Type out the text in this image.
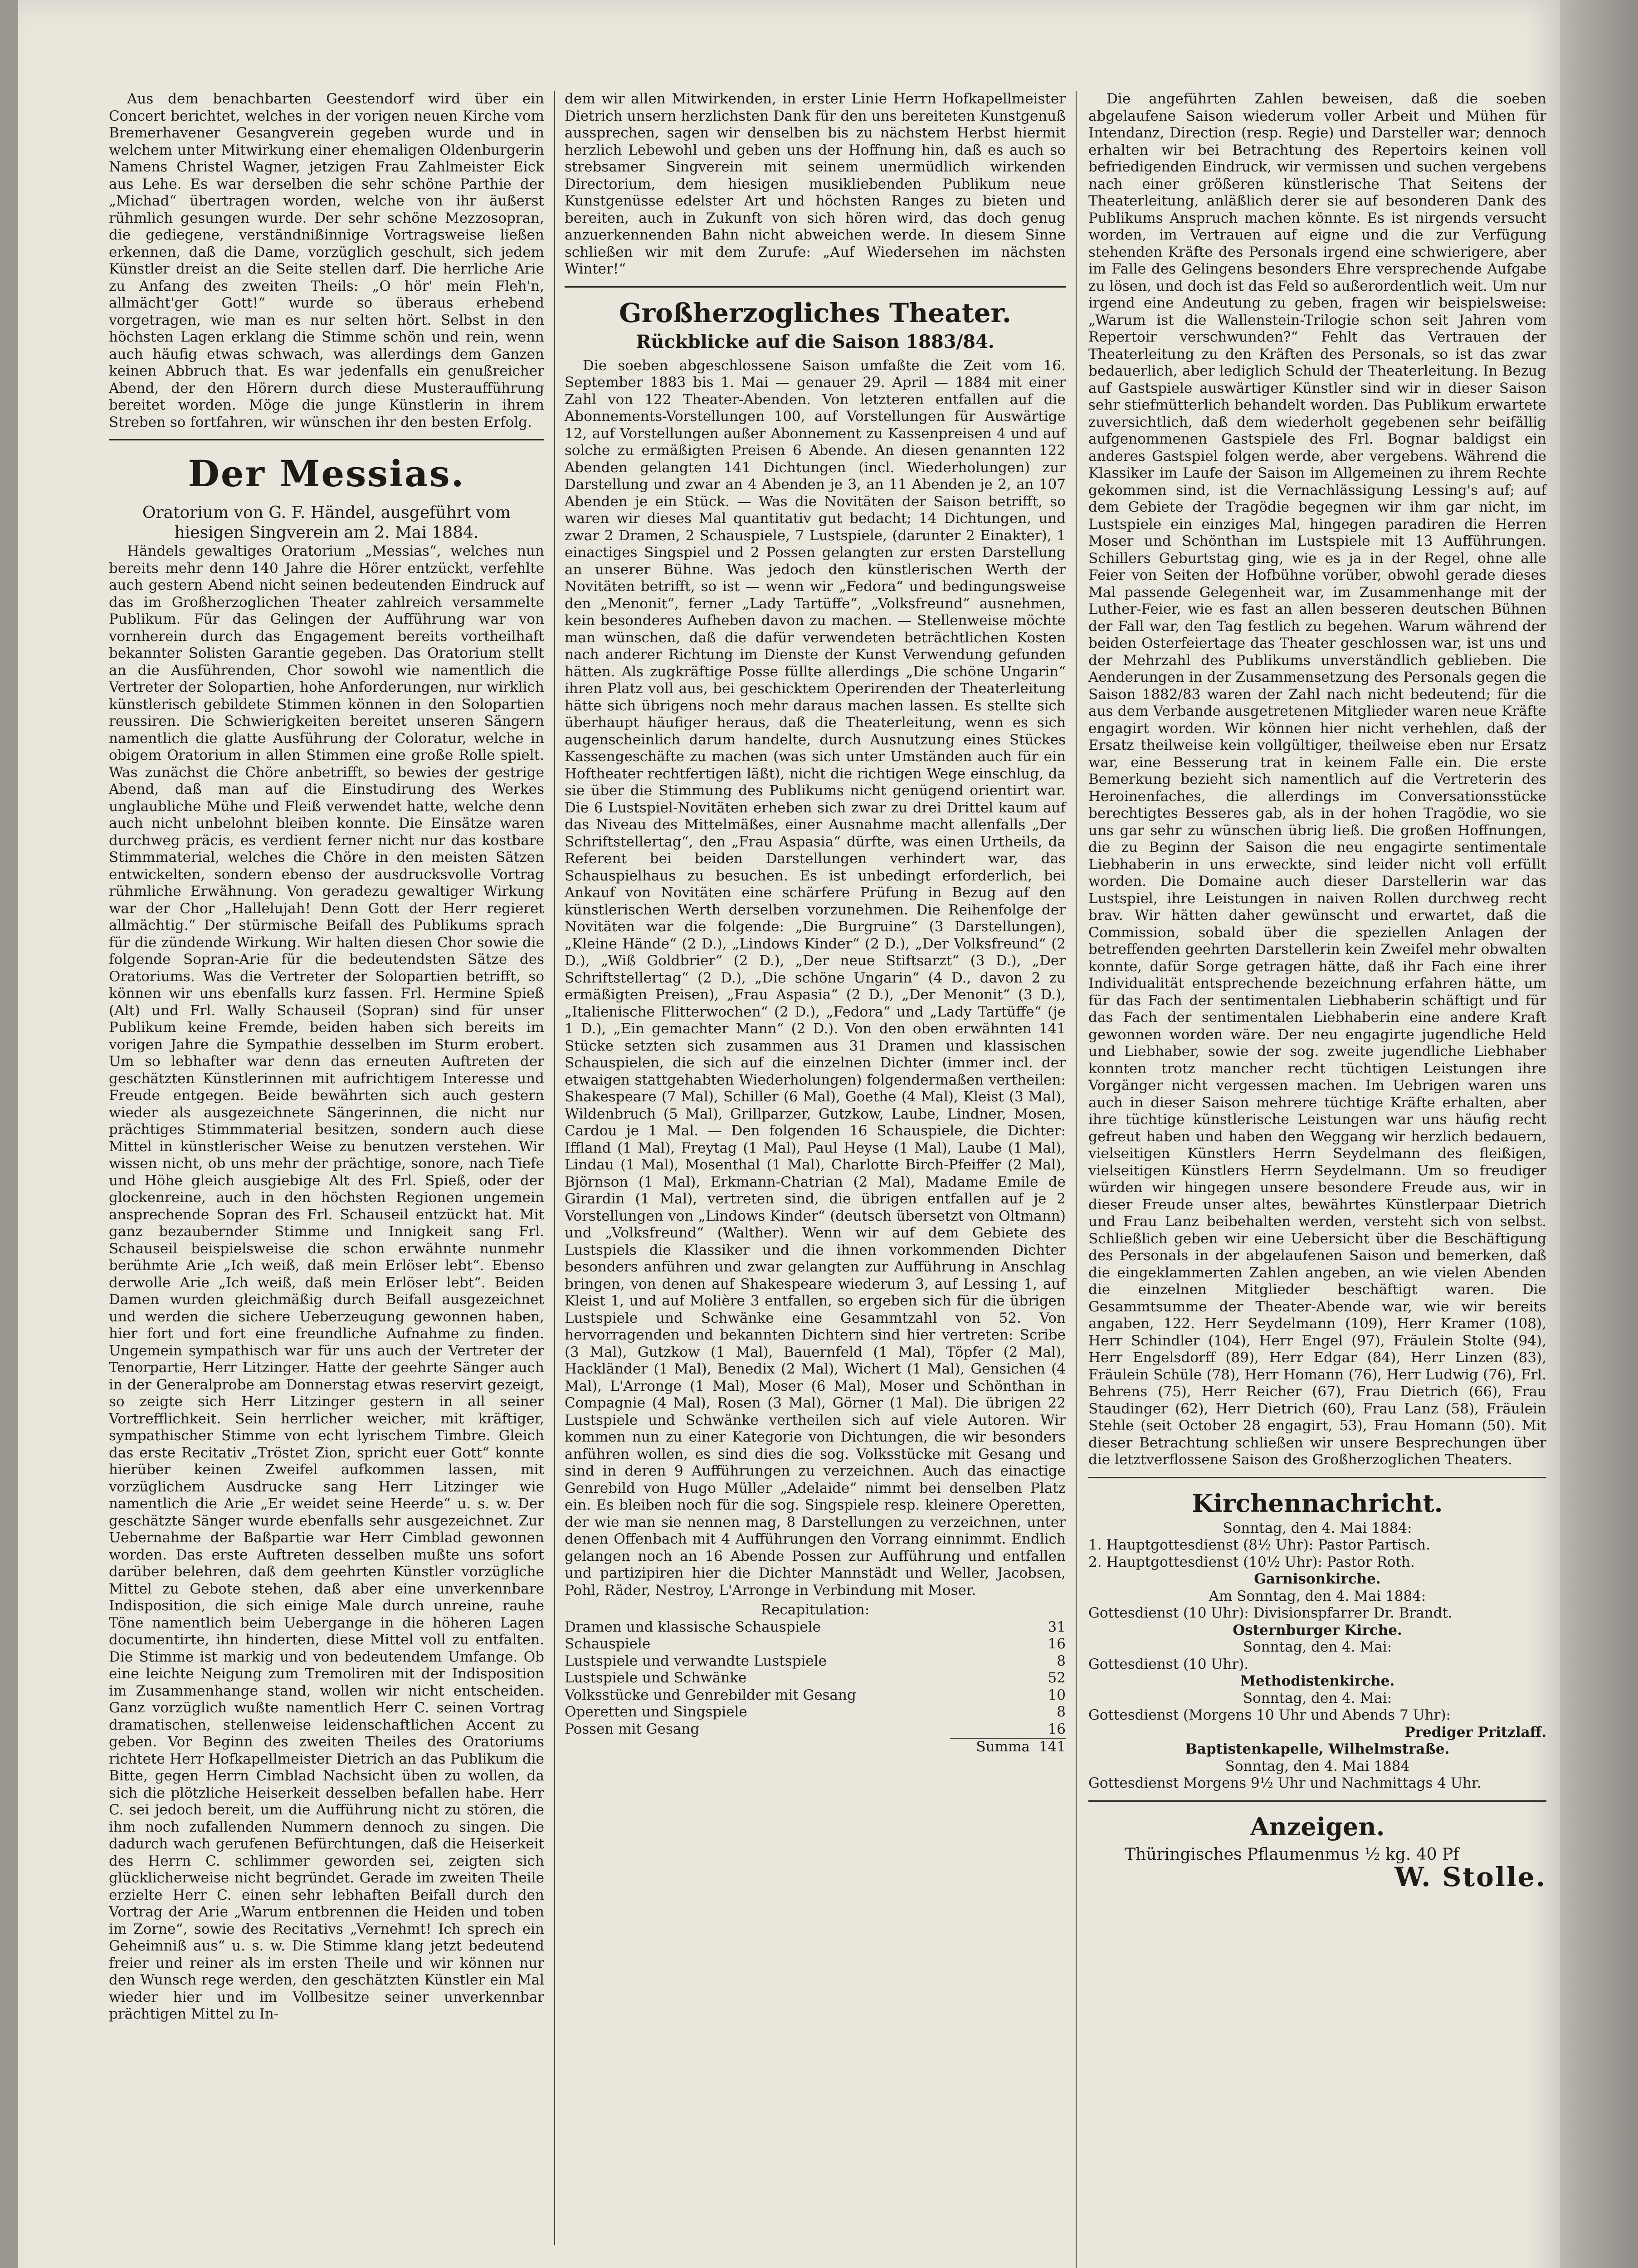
Aus dem benachbarten Geestendorf wird über ein Concert berichtet, welches in der vorigen neuen Kirche vom Bremerhavener Gesangverein gegeben wurde und in welchem unter Mitwirkung einer ehemaligen Oldenburgerin Namens Christel Wagner, jetzigen Frau Zahlmeister Eick aus Lehe. Es war derselben die sehr schöne Parthie der „Michad“ übertragen worden, welche von ihr äußerst rühmlich gesungen wurde. Der sehr schöne Mezzosopran, die gediegene, verständnißinnige Vortragsweise ließen erkennen, daß die Dame, vorzüglich geschult, sich jedem Künstler dreist an die Seite stellen darf. Die herrliche Arie zu Anfang des zweiten Theils: „O hör' mein Fleh'n, allmächt'ger Gott!“ wurde so überaus erhebend vorgetragen, wie man es nur selten hört. Selbst in den höchsten Lagen erklang die Stimme schön und rein, wenn auch häufig etwas schwach, was allerdings dem Ganzen keinen Abbruch that. Es war jedenfalls ein genußreicher Abend, der den Hörern durch diese Musteraufführung bereitet worden. Möge die junge Künstlerin in ihrem Streben so fortfahren, wir wünschen ihr den besten Erfolg.

Der Messias.

Oratorium von G. F. Händel, ausgeführt vom hiesigen Singverein am 2. Mai 1884.

Händels gewaltiges Oratorium „Messias“, welches nun bereits mehr denn 140 Jahre die Hörer entzückt, verfehlte auch gestern Abend nicht seinen bedeutenden Eindruck auf das im Großherzoglichen Theater zahlreich versammelte Publikum. Für das Gelingen der Aufführung war von vornherein durch das Engagement bereits vortheilhaft bekannter Solisten Garantie gegeben. Das Oratorium stellt an die Ausführenden, Chor sowohl wie namentlich die Vertreter der Solopartien, hohe Anforderungen, nur wirklich künstlerisch gebildete Stimmen können in den Solopartien reussiren. Die Schwierigkeiten bereitet unseren Sängern namentlich die glatte Ausführung der Coloratur, welche in obigem Oratorium in allen Stimmen eine große Rolle spielt. Was zunächst die Chöre anbetrifft, so bewies der gestrige Abend, daß man auf die Einstudirung des Werkes unglaubliche Mühe und Fleiß verwendet hatte, welche denn auch nicht unbelohnt bleiben konnte. Die Einsätze waren durchweg präcis, es verdient ferner nicht nur das kostbare Stimmmaterial, welches die Chöre in den meisten Sätzen entwickelten, sondern ebenso der ausdrucksvolle Vortrag rühmliche Erwähnung. Von geradezu gewaltiger Wirkung war der Chor „Hallelujah! Denn Gott der Herr regieret allmächtig.“ Der stürmische Beifall des Publikums sprach für die zündende Wirkung. Wir halten diesen Chor sowie die folgende Sopran-Arie für die bedeutendsten Sätze des Oratoriums. Was die Vertreter der Solopartien betrifft, so können wir uns ebenfalls kurz fassen. Frl. Hermine Spieß (Alt) und Frl. Wally Schauseil (Sopran) sind für unser Publikum keine Fremde, beiden haben sich bereits im vorigen Jahre die Sympathie desselben im Sturm erobert. Um so lebhafter war denn das erneuten Auftreten der geschätzten Künstlerinnen mit aufrichtigem Interesse und Freude entgegen. Beide bewährten sich auch gestern wieder als ausgezeichnete Sängerinnen, die nicht nur prächtiges Stimmmaterial besitzen, sondern auch diese Mittel in künstlerischer Weise zu benutzen verstehen. Wir wissen nicht, ob uns mehr der prächtige, sonore, nach Tiefe und Höhe gleich ausgiebige Alt des Frl. Spieß, oder der glockenreine, auch in den höchsten Regionen ungemein ansprechende Sopran des Frl. Schauseil entzückt hat. Mit ganz bezaubernder Stimme und Innigkeit sang Frl. Schauseil beispielsweise die schon erwähnte nunmehr berühmte Arie „Ich weiß, daß mein Erlöser lebt“. Ebenso derwolle Arie „Ich weiß, daß mein Erlöser lebt“. Beiden Damen wurden gleichmäßig durch Beifall ausgezeichnet und werden die sichere Ueberzeugung gewonnen haben, hier fort und fort eine freundliche Aufnahme zu finden. Ungemein sympathisch war für uns auch der Vertreter der Tenorpartie, Herr Litzinger. Hatte der geehrte Sänger auch in der Generalprobe am Donnerstag etwas reservirt gezeigt, so zeigte sich Herr Litzinger gestern in all seiner Vortrefflichkeit. Sein herrlicher weicher, mit kräftiger, sympathischer Stimme von echt lyrischem Timbre. Gleich das erste Recitativ „Tröstet Zion, spricht euer Gott“ konnte hierüber keinen Zweifel aufkommen lassen, mit vorzüglichem Ausdrucke sang Herr Litzinger wie namentlich die Arie „Er weidet seine Heerde“ u. s. w. Der geschätzte Sänger wurde ebenfalls sehr ausgezeichnet. Zur Uebernahme der Baßpartie war Herr Cimblad gewonnen worden. Das erste Auftreten desselben mußte uns sofort darüber belehren, daß dem geehrten Künstler vorzügliche Mittel zu Gebote stehen, daß aber eine unverkennbare Indisposition, die sich einige Male durch unreine, rauhe Töne namentlich beim Uebergange in die höheren Lagen documentirte, ihn hinderten, diese Mittel voll zu entfalten. Die Stimme ist markig und von bedeutendem Umfange. Ob eine leichte Neigung zum Tremoliren mit der Indisposition im Zusammenhange stand, wollen wir nicht entscheiden. Ganz vorzüglich wußte namentlich Herr C. seinen Vortrag dramatischen, stellenweise leidenschaftlichen Accent zu geben. Vor Beginn des zweiten Theiles des Oratoriums richtete Herr Hofkapellmeister Dietrich an das Publikum die Bitte, gegen Herrn Cimblad Nachsicht üben zu wollen, da sich die plötzliche Heiserkeit desselben befallen habe. Herr C. sei jedoch bereit, um die Aufführung nicht zu stören, die ihm noch zufallenden Nummern dennoch zu singen. Die dadurch wach gerufenen Befürchtungen, daß die Heiserkeit des Herrn C. schlimmer geworden sei, zeigten sich glücklicherweise nicht begründet. Gerade im zweiten Theile erzielte Herr C. einen sehr lebhaften Beifall durch den Vortrag der Arie „Warum entbrennen die Heiden und toben im Zorne“, sowie des Recitativs „Vernehmt! Ich sprech ein Geheimniß aus“ u. s. w. Die Stimme klang jetzt bedeutend freier und reiner als im ersten Theile und wir können nur den Wunsch rege werden, den geschätzten Künstler ein Mal wieder hier und im Vollbesitze seiner unverkennbar prächtigen Mittel zu In-

dem wir allen Mitwirkenden, in erster Linie Herrn Hofkapellmeister Dietrich unsern herzlichsten Dank für den uns bereiteten Kunstgenuß aussprechen, sagen wir denselben bis zu nächstem Herbst hiermit herzlich Lebewohl und geben uns der Hoffnung hin, daß es auch so strebsamer Singverein mit seinem unermüdlich wirkenden Directorium, dem hiesigen musikliebenden Publikum neue Kunstgenüsse edelster Art und höchsten Ranges zu bieten und bereiten, auch in Zukunft von sich hören wird, das doch genug anzuerkennenden Bahn nicht abweichen werde. In diesem Sinne schließen wir mit dem Zurufe: „Auf Wiedersehen im nächsten Winter!“

Großherzogliches Theater.
Rückblicke auf die Saison 1883/84.

Die soeben abgeschlossene Saison umfaßte die Zeit vom 16. September 1883 bis 1. Mai — genauer 29. April — 1884 mit einer Zahl von 122 Theater-Abenden. Von letzteren entfallen auf die Abonnements-Vorstellungen 100, auf Vorstellungen für Auswärtige 12, auf Vorstellungen außer Abonnement zu Kassenpreisen 4 und auf solche zu ermäßigten Preisen 6 Abende. An diesen genannten 122 Abenden gelangten 141 Dichtungen (incl. Wiederholungen) zur Darstellung und zwar an 4 Abenden je 3, an 11 Abenden je 2, an 107 Abenden je ein Stück. — Was die Novitäten der Saison betrifft, so waren wir dieses Mal quantitativ gut bedacht; 14 Dichtungen, und zwar 2 Dramen, 2 Schauspiele, 7 Lustspiele, (darunter 2 Einakter), 1 einactiges Singspiel und 2 Possen gelangten zur ersten Darstellung an unserer Bühne. Was jedoch den künstlerischen Werth der Novitäten betrifft, so ist — wenn wir „Fedora“ und bedingungsweise den „Menonit“, ferner „Lady Tartüffe“, „Volksfreund“ ausnehmen, kein besonderes Aufheben davon zu machen. — Stellenweise möchte man wünschen, daß die dafür verwendeten beträchtlichen Kosten nach anderer Richtung im Dienste der Kunst Verwendung gefunden hätten. Als zugkräftige Posse füllte allerdings „Die schöne Ungarin“ ihren Platz voll aus, bei geschicktem Operirenden der Theaterleitung hätte sich übrigens noch mehr daraus machen lassen. Es stellte sich überhaupt häufiger heraus, daß die Theaterleitung, wenn es sich augenscheinlich darum handelte, durch Ausnutzung eines Stückes Kassengeschäfte zu machen (was sich unter Umständen auch für ein Hoftheater rechtfertigen läßt), nicht die richtigen Wege einschlug, da sie über die Stimmung des Publikums nicht genügend orientirt war. Die 6 Lustspiel-Novitäten erheben sich zwar zu drei Drittel kaum auf das Niveau des Mittelmäßes, einer Ausnahme macht allenfalls „Der Schriftstellertag“, den „Frau Aspasia“ dürfte, was einen Urtheils, da Referent bei beiden Darstellungen verhindert war, das Schauspielhaus zu besuchen. Es ist unbedingt erforderlich, bei Ankauf von Novitäten eine schärfere Prüfung in Bezug auf den künstlerischen Werth derselben vorzunehmen. Die Reihenfolge der Novitäten war die folgende: „Die Burgruine“ (3 Darstellungen), „Kleine Hände“ (2 D.), „Lindows Kinder“ (2 D.), „Der Volksfreund“ (2 D.), „Wiß Goldbrier“ (2 D.), „Der neue Stiftsarzt“ (3 D.), „Der Schriftstellertag“ (2 D.), „Die schöne Ungarin“ (4 D., davon 2 zu ermäßigten Preisen), „Frau Aspasia“ (2 D.), „Der Menonit“ (3 D.), „Italienische Flitterwochen“ (2 D.), „Fedora“ und „Lady Tartüffe“ (je 1 D.), „Ein gemachter Mann“ (2 D.). Von den oben erwähnten 141 Stücke setzten sich zusammen aus 31 Dramen und klassischen Schauspielen, die sich auf die einzelnen Dichter (immer incl. der etwaigen stattgehabten Wiederholungen) folgendermaßen vertheilen: Shakespeare (7 Mal), Schiller (6 Mal), Goethe (4 Mal), Kleist (3 Mal), Wildenbruch (5 Mal), Grillparzer, Gutzkow, Laube, Lindner, Mosen, Cardou je 1 Mal. — Den folgenden 16 Schauspiele, die Dichter: Iffland (1 Mal), Freytag (1 Mal), Paul Heyse (1 Mal), Laube (1 Mal), Lindau (1 Mal), Mosenthal (1 Mal), Charlotte Birch-Pfeiffer (2 Mal), Björnson (1 Mal), Erkmann-Chatrian (2 Mal), Madame Emile de Girardin (1 Mal), vertreten sind, die übrigen entfallen auf je 2 Vorstellungen von „Lindows Kinder“ (deutsch übersetzt von Oltmann) und „Volksfreund“ (Walther). Wenn wir auf dem Gebiete des Lustspiels die Klassiker und die ihnen vorkommenden Dichter besonders anführen und zwar gelangten zur Aufführung in Anschlag bringen, von denen auf Shakespeare wiederum 3, auf Lessing 1, auf Kleist 1, und auf Molière 3 entfallen, so ergeben sich für die übrigen Lustspiele und Schwänke eine Gesammtzahl von 52. Von hervorragenden und bekannten Dichtern sind hier vertreten: Scribe (3 Mal), Gutzkow (1 Mal), Bauernfeld (1 Mal), Töpfer (2 Mal), Hackländer (1 Mal), Benedix (2 Mal), Wichert (1 Mal), Gensichen (4 Mal), L'Arronge (1 Mal), Moser (6 Mal), Moser und Schönthan in Compagnie (4 Mal), Rosen (3 Mal), Görner (1 Mal). Die übrigen 22 Lustspiele und Schwänke vertheilen sich auf viele Autoren. Wir kommen nun zu einer Kategorie von Dichtungen, die wir besonders anführen wollen, es sind dies die sog. Volksstücke mit Gesang und sind in deren 9 Aufführungen zu verzeichnen. Auch das einactige Genrebild von Hugo Müller „Adelaide“ nimmt bei denselben Platz ein. Es bleiben noch für die sog. Singspiele resp. kleinere Operetten, der wie man sie nennen mag, 8 Darstellungen zu verzeichnen, unter denen Offenbach mit 4 Aufführungen den Vorrang einnimmt. Endlich gelangen noch an 16 Abende Possen zur Aufführung und entfallen und partizipiren hier die Dichter Mannstädt und Weller, Jacobsen, Pohl, Räder, Nestroy, L'Arronge in Verbindung mit Moser.

Recapitulation:
Dramen und klassische Schauspiele	31
Schauspiele	16
Lustspiele und verwandte Lustspiele	8
Lustspiele und Schwänke	52
Volksstücke und Genrebilder mit Gesang	10
Operetten und Singspiele	8
Possen mit Gesang	16
Summa 141

Die angeführten Zahlen beweisen, daß die soeben abgelaufene Saison wiederum voller Arbeit und Mühen für Intendanz, Direction (resp. Regie) und Darsteller war; dennoch erhalten wir bei Betrachtung des Repertoirs keinen voll befriedigenden Eindruck, wir vermissen und suchen vergebens nach einer größeren künstlerische That Seitens der Theaterleitung, anläßlich derer sie auf besonderen Dank des Publikums Anspruch machen könnte. Es ist nirgends versucht worden, im Vertrauen auf eigne und die zur Verfügung stehenden Kräfte des Personals irgend eine schwierigere, aber im Falle des Gelingens besonders Ehre versprechende Aufgabe zu lösen, und doch ist das Feld so außerordentlich weit. Um nur irgend eine Andeutung zu geben, fragen wir beispielsweise: „Warum ist die Wallenstein-Trilogie schon seit Jahren vom Repertoir verschwunden?“ Fehlt das Vertrauen der Theaterleitung zu den Kräften des Personals, so ist das zwar bedauerlich, aber lediglich Schuld der Theaterleitung. In Bezug auf Gastspiele auswärtiger Künstler sind wir in dieser Saison sehr stiefmütterlich behandelt worden. Das Publikum erwartete zuversichtlich, daß dem wiederholt gegebenen sehr beifällig aufgenommenen Gastspiele des Frl. Bognar baldigst ein anderes Gastspiel folgen werde, aber vergebens. Während die Klassiker im Laufe der Saison im Allgemeinen zu ihrem Rechte gekommen sind, ist die Vernachlässigung Lessing's auf; auf dem Gebiete der Tragödie begegnen wir ihm gar nicht, im Lustspiele ein einziges Mal, hingegen paradiren die Herren Moser und Schönthan im Lustspiele mit 13 Aufführungen. Schillers Geburtstag ging, wie es ja in der Regel, ohne alle Feier von Seiten der Hofbühne vorüber, obwohl gerade dieses Mal passende Gelegenheit war, im Zusammenhange mit der Luther-Feier, wie es fast an allen besseren deutschen Bühnen der Fall war, den Tag festlich zu begehen. Warum während der beiden Osterfeiertage das Theater geschlossen war, ist uns und der Mehrzahl des Publikums unverständlich geblieben. Die Aenderungen in der Zusammensetzung des Personals gegen die Saison 1882/83 waren der Zahl nach nicht bedeutend; für die aus dem Verbande ausgetretenen Mitglieder waren neue Kräfte engagirt worden. Wir können hier nicht verhehlen, daß der Ersatz theilweise kein vollgültiger, theilweise eben nur Ersatz war, eine Besserung trat in keinem Falle ein. Die erste Bemerkung bezieht sich namentlich auf die Vertreterin des Heroinenfaches, die allerdings im Conversationsstücke berechtigtes Besseres gab, als in der hohen Tragödie, wo sie uns gar sehr zu wünschen übrig ließ. Die großen Hoffnungen, die zu Beginn der Saison die neu engagirte sentimentale Liebhaberin in uns erweckte, sind leider nicht voll erfüllt worden. Die Domaine auch dieser Darstellerin war das Lustspiel, ihre Leistungen in naiven Rollen durchweg recht brav. Wir hätten daher gewünscht und erwartet, daß die Commission, sobald über die speziellen Anlagen der betreffenden geehrten Darstellerin kein Zweifel mehr obwalten konnte, dafür Sorge getragen hätte, daß ihr Fach eine ihrer Individualität entsprechende bezeichnung erfahren hätte, um für das Fach der sentimentalen Liebhaberin schäftigt und für das Fach der sentimentalen Liebhaberin eine andere Kraft gewonnen worden wäre. Der neu engagirte jugendliche Held und Liebhaber, sowie der sog. zweite jugendliche Liebhaber konnten trotz mancher recht tüchtigen Leistungen ihre Vorgänger nicht vergessen machen. Im Uebrigen waren uns auch in dieser Saison mehrere tüchtige Kräfte erhalten, aber ihre tüchtige künstlerische Leistungen war uns häufig recht gefreut haben und haben den Weggang wir herzlich bedauern, vielseitigen Künstlers Herrn Seydelmann des fleißigen, vielseitigen Künstlers Herrn Seydelmann. Um so freudiger würden wir hingegen unsere besondere Freude aus, wir in dieser Freude unser altes, bewährtes Künstlerpaar Dietrich und Frau Lanz beibehalten werden, versteht sich von selbst. Schließlich geben wir eine Uebersicht über die Beschäftigung des Personals in der abgelaufenen Saison und bemerken, daß die eingeklammerten Zahlen angeben, an wie vielen Abenden die einzelnen Mitglieder beschäftigt waren. Die Gesammtsumme der Theater-Abende war, wie wir bereits angaben, 122. Herr Seydelmann (109), Herr Kramer (108), Herr Schindler (104), Herr Engel (97), Fräulein Stolte (94), Herr Engelsdorff (89), Herr Edgar (84), Herr Linzen (83), Fräulein Schüle (78), Herr Homann (76), Herr Ludwig (76), Frl. Behrens (75), Herr Reicher (67), Frau Dietrich (66), Frau Staudinger (62), Herr Dietrich (60), Frau Lanz (58), Fräulein Stehle (seit October 28 engagirt, 53), Frau Homann (50). Mit dieser Betrachtung schließen wir unsere Besprechungen über die letztverflossene Saison des Großherzoglichen Theaters.

Kirchennachricht.

Sonntag, den 4. Mai 1884:

1. Hauptgottesdienst (8½ Uhr): Pastor Partisch.

2. Hauptgottesdienst (10½ Uhr): Pastor Roth.

Garnisonkirche.

Am Sonntag, den 4. Mai 1884:

Gottesdienst (10 Uhr): Divisionspfarrer Dr. Brandt.

Osternburger Kirche.

Sonntag, den 4. Mai:

Gottesdienst (10 Uhr).

Methodistenkirche.

Sonntag, den 4. Mai:

Gottesdienst (Morgens 10 Uhr und Abends 7 Uhr):

Prediger Pritzlaff.

Baptistenkapelle, Wilhelmstraße.

Sonntag, den 4. Mai 1884

Gottesdienst Morgens 9½ Uhr und Nachmittags 4 Uhr.

Anzeigen.
Thüringisches Pflaumenmus ½ kg. 40 Pf
W. Stolle.
